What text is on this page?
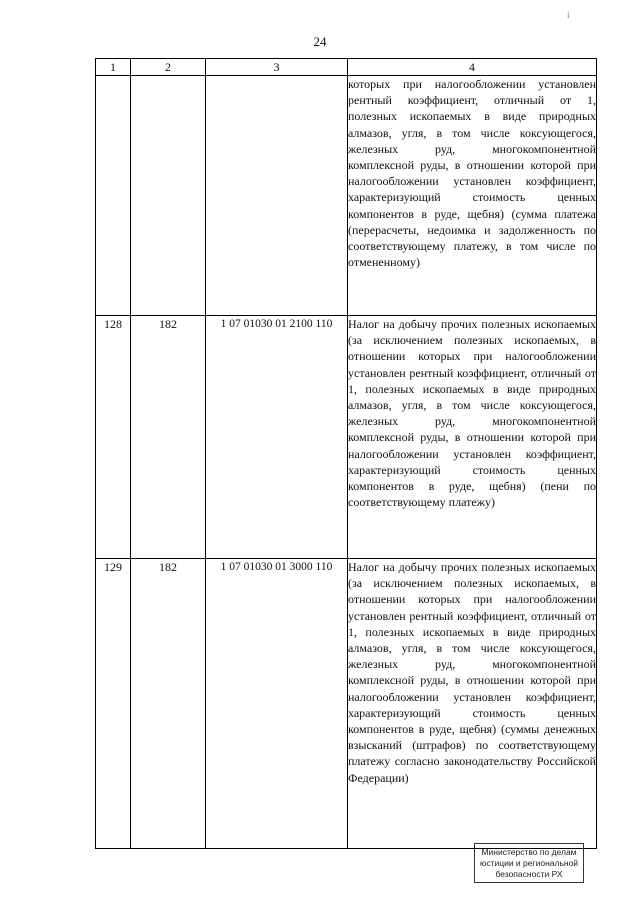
24
i
1	2	3	4
			которых при налогообложении установлен рентный коэффициент, отличный от 1, полезных ископаемых в виде природных алмазов, угля, в том числе коксующегося, железных руд, многокомпонентной комплексной руды, в отношении которой при налогообложении установлен коэффициент, характеризующий стоимость ценных компонентов в руде, щебня) (сумма платежа (перерасчеты, недоимка и задолженность по соответствующему платежу, в том числе по отмененному)
128	182	1 07 01030 01 2100 110	Налог на добычу прочих полезных ископаемых (за исключением полезных ископаемых, в отношении которых при налогообложении установлен рентный коэффициент, отличный от 1, полезных ископаемых в виде природных алмазов, угля, в том числе коксующегося, железных руд, многокомпонентной комплексной руды, в отношении которой при налогообложении установлен коэффициент, характеризующий стоимость ценных компонентов в руде, щебня) (пени по соответствующему платежу)
129	182	1 07 01030 01 3000 110	Налог на добычу прочих полезных ископаемых (за исключением полезных ископаемых, в отношении которых при налогообложении установлен рентный коэффициент, отличный от 1, полезных ископаемых в виде природных алмазов, угля, в том числе коксующегося, железных руд, многокомпонентной комплексной руды, в отношении которой при налогообложении установлен коэффициент, характеризующий стоимость ценных компонентов в руде, щебня) (суммы денежных взысканий (штрафов) по соответствующему платежу согласно законодательству Российской Федерации)
Министерство по делам
юстиции и региональной
безопасности РХ
